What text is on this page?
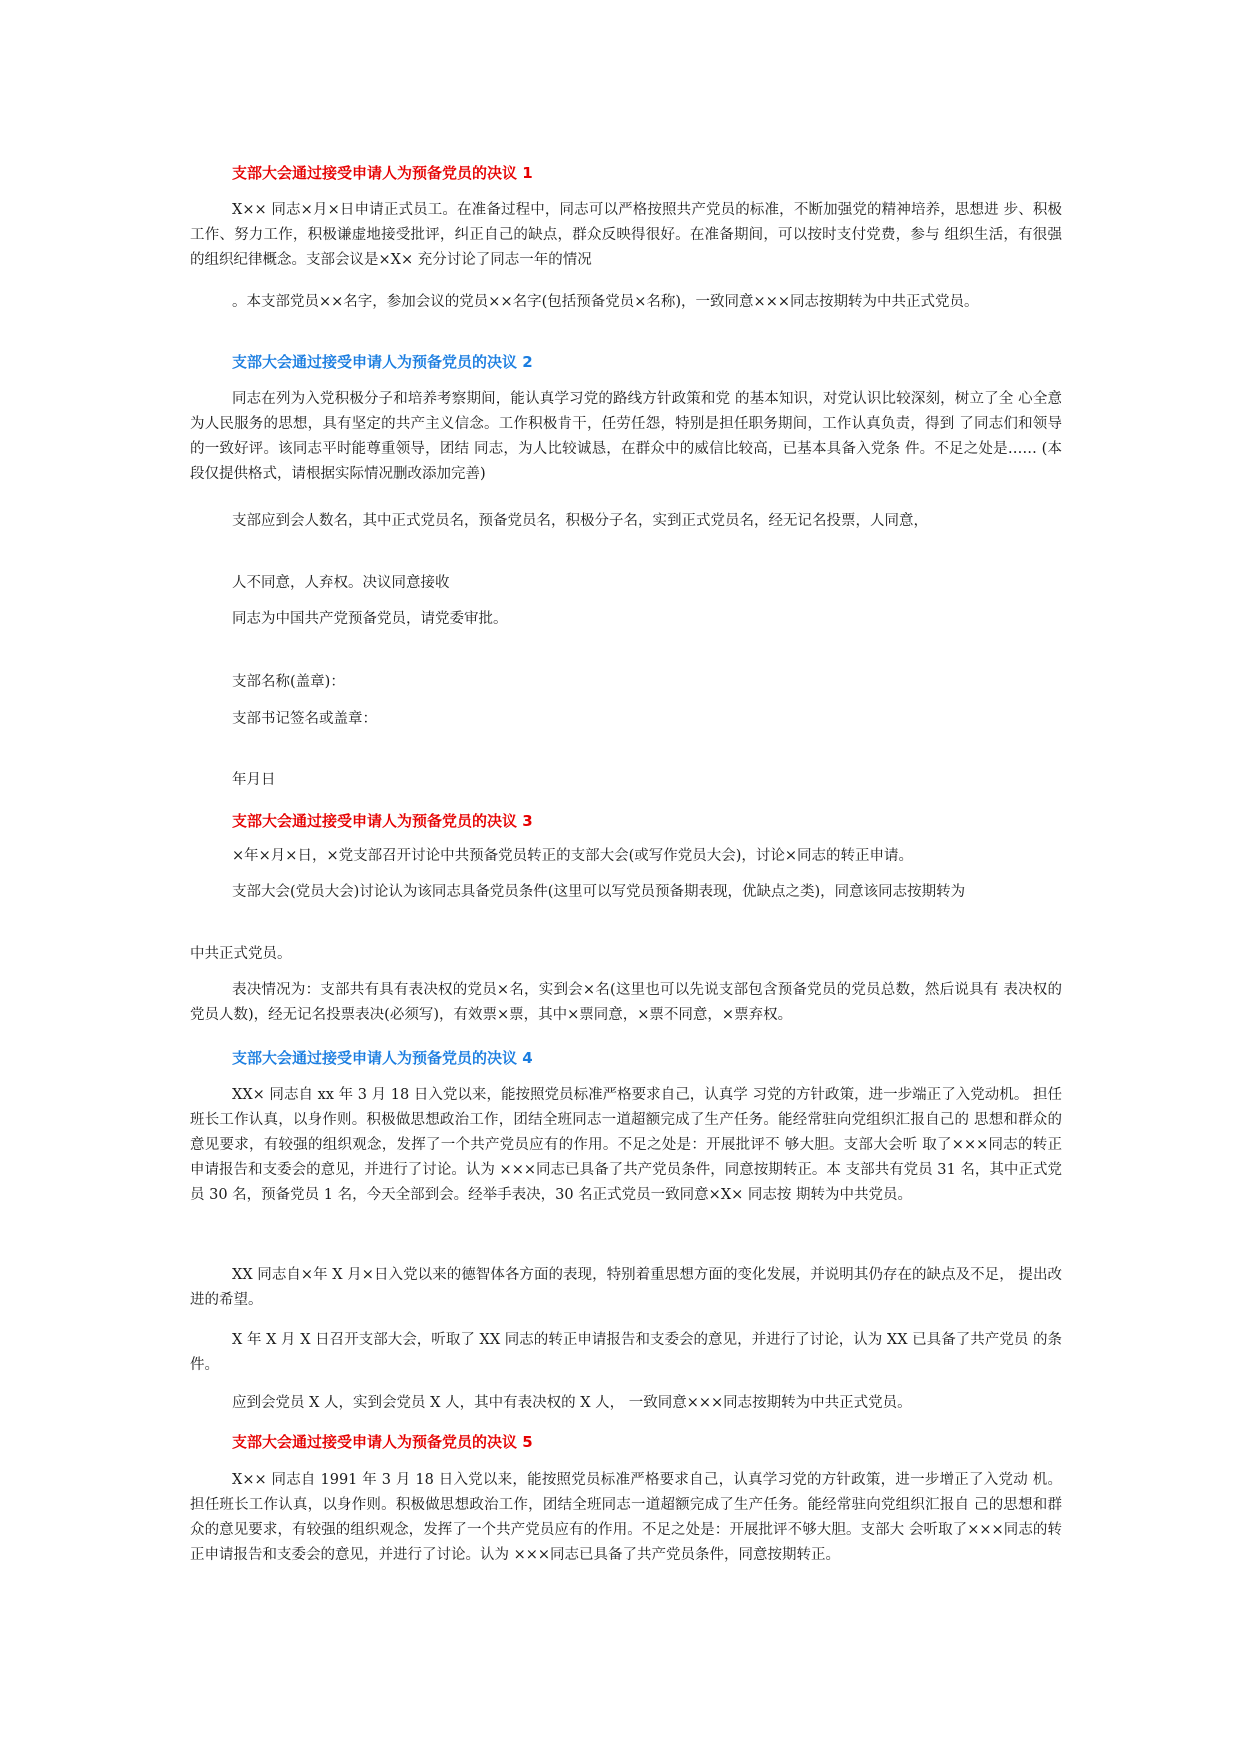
支部大会通过接受申请人为预备党员的决议 1
X×× 同志×月×日申请正式员工。在准备过程中，同志可以严格按照共产党员的标准，不断加强党的精神培养，思想进 步、积极工作、努力工作，积极谦虚地接受批评，纠正自己的缺点，群众反映得很好。在准备期间，可以按时支付党费，参与 组织生活，有很强的组织纪律概念。支部会议是×X× 充分讨论了同志一年的情况
。本支部党员××名字，参加会议的党员××名字(包括预备党员×名称)，一致同意×××同志按期转为中共正式党员。
支部大会通过接受申请人为预备党员的决议 2
同志在列为入党积极分子和培养考察期间，能认真学习党的路线方针政策和党 的基本知识，对党认识比较深刻，树立了全 心全意为人民服务的思想，具有坚定的共产主义信念。工作积极肯干，任劳任怨，特别是担任职务期间，工作认真负责，得到 了同志们和领导的一致好评。该同志平时能尊重领导，团结 同志，为人比较诚恳，在群众中的威信比较高，已基本具备入党条 件。不足之处是…… (本段仅提供格式，请根据实际情况删改添加完善)
支部应到会人数名，其中正式党员名，预备党员名，积极分子名，实到正式党员名，经无记名投票，人同意，
人不同意，人弃权。决议同意接收
同志为中国共产党预备党员，请党委审批。
支部名称(盖章)：
支部书记签名或盖章：
年月日
支部大会通过接受申请人为预备党员的决议 3
×年×月×日，×党支部召开讨论中共预备党员转正的支部大会(或写作党员大会)，讨论×同志的转正申请。
支部大会(党员大会)讨论认为该同志具备党员条件(这里可以写党员预备期表现，优缺点之类)，同意该同志按期转为
中共正式党员。
表决情况为：支部共有具有表决权的党员×名，实到会×名(这里也可以先说支部包含预备党员的党员总数，然后说具有 表决权的党员人数)，经无记名投票表决(必须写)，有效票×票，其中×票同意，×票不同意，×票弃权。
支部大会通过接受申请人为预备党员的决议 4
XX× 同志自 xx 年 3 月 18 日入党以来，能按照党员标准严格要求自己，认真学 习党的方针政策，进一步端正了入党动机。 担任班长工作认真，以身作则。积极做思想政治工作，团结全班同志一道超额完成了生产任务。能经常驻向党组织汇报自己的 思想和群众的意见要求，有较强的组织观念，发挥了一个共产党员应有的作用。不足之处是：开展批评不 够大胆。支部大会听 取了×××同志的转正申请报告和支委会的意见，并进行了讨论。认为 ×××同志已具备了共产党员条件，同意按期转正。本 支部共有党员 31 名，其中正式党员 30 名，预备党员 1 名，今天全部到会。经举手表决，30 名正式党员一致同意×X× 同志按 期转为中共党员。
XX 同志自×年 X 月×日入党以来的德智体各方面的表现，特别着重思想方面的变化发展，并说明其仍存在的缺点及不足， 提出改进的希望。
X 年 X 月 X 日召开支部大会，听取了 XX 同志的转正申请报告和支委会的意见，并进行了讨论，认为 XX 已具备了共产党员 的条件。
应到会党员 X 人，实到会党员 X 人，其中有表决权的 X 人， 一致同意×××同志按期转为中共正式党员。
支部大会通过接受申请人为预备党员的决议 5
X×× 同志自 1991 年 3 月 18 日入党以来，能按照党员标准严格要求自己，认真学习党的方针政策，进一步增正了入党动 机。担任班长工作认真，以身作则。积极做思想政治工作，团结全班同志一道超额完成了生产任务。能经常驻向党组织汇报自 己的思想和群众的意见要求，有较强的组织观念，发挥了一个共产党员应有的作用。不足之处是：开展批评不够大胆。支部大 会听取了×××同志的转正申请报告和支委会的意见，并进行了讨论。认为 ×××同志已具备了共产党员条件，同意按期转正。
